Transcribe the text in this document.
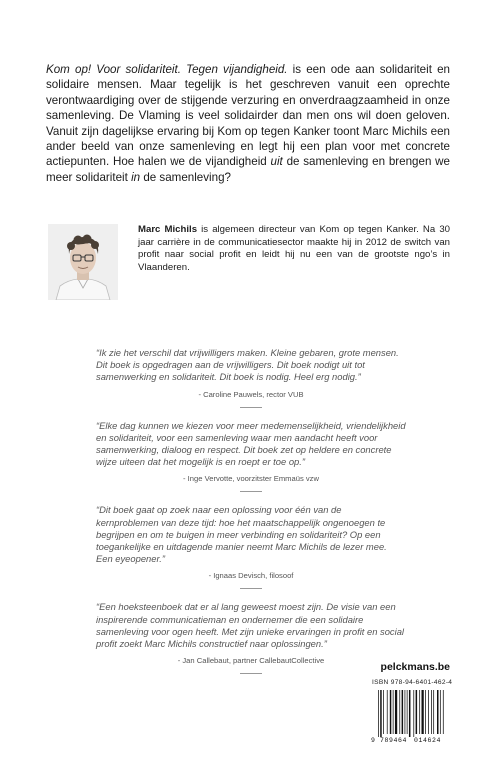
Kom op! Voor solidariteit. Tegen vijandigheid. is een ode aan solidariteit en solidaire mensen. Maar tegelijk is het geschreven vanuit een oprechte verontwaardiging over de stijgende verzuring en onverdraagzaamheid in onze samenleving. De Vlaming is veel solidairder dan men ons wil doen geloven. Vanuit zijn dagelijkse ervaring bij Kom op tegen Kanker toont Marc Michils een ander beeld van onze samenleving en legt hij een plan voor met concrete actiepunten. Hoe halen we de vijandigheid uit de samenleving en brengen we meer solidariteit in de samenleving?

Marc Michils is algemeen directeur van Kom op tegen Kanker. Na 30 jaar carrière in de communicatiesector maakte hij in 2012 de switch van profit naar social profit en leidt hij nu een van de grootste ngo’s in Vlaanderen.

“Ik zie het verschil dat vrijwilligers maken. Kleine gebaren, grote mensen. Dit boek is opgedragen aan de vrijwilligers. Dit boek nodigt uit tot samenwerking en solidariteit. Dit boek is nodig. Heel erg nodig.”

- Caroline Pauwels, rector VUB

“Elke dag kunnen we kiezen voor meer medemenselijkheid, vriendelijkheid en solidariteit, voor een samenleving waar men aandacht heeft voor samenwerking, dialoog en respect. Dit boek zet op heldere en concrete wijze uiteen dat het mogelijk is en roept er toe op.”

- Inge Vervotte, voorzitster Emmaüs vzw

“Dit boek gaat op zoek naar een oplossing voor één van de kernproblemen van deze tijd: hoe het maatschappelijk ongenoegen te begrijpen en om te buigen in meer verbinding en solidariteit? Op een toegankelijke en uitdagende manier neemt Marc Michils de lezer mee. Een eyeopener.”

- Ignaas Devisch, filosoof

“Een hoeksteenboek dat er al lang geweest moest zijn. De visie van een inspirerende communicatieman en ondernemer die een solidaire samenleving voor ogen heeft. Met zijn unieke ervaringen in profit en social profit zoekt Marc Michils constructief naar oplossingen.”

- Jan Callebaut, partner CallebautCollective

pelckmans.be
ISBN 978-94-6401-462-4
9 789464 014624
